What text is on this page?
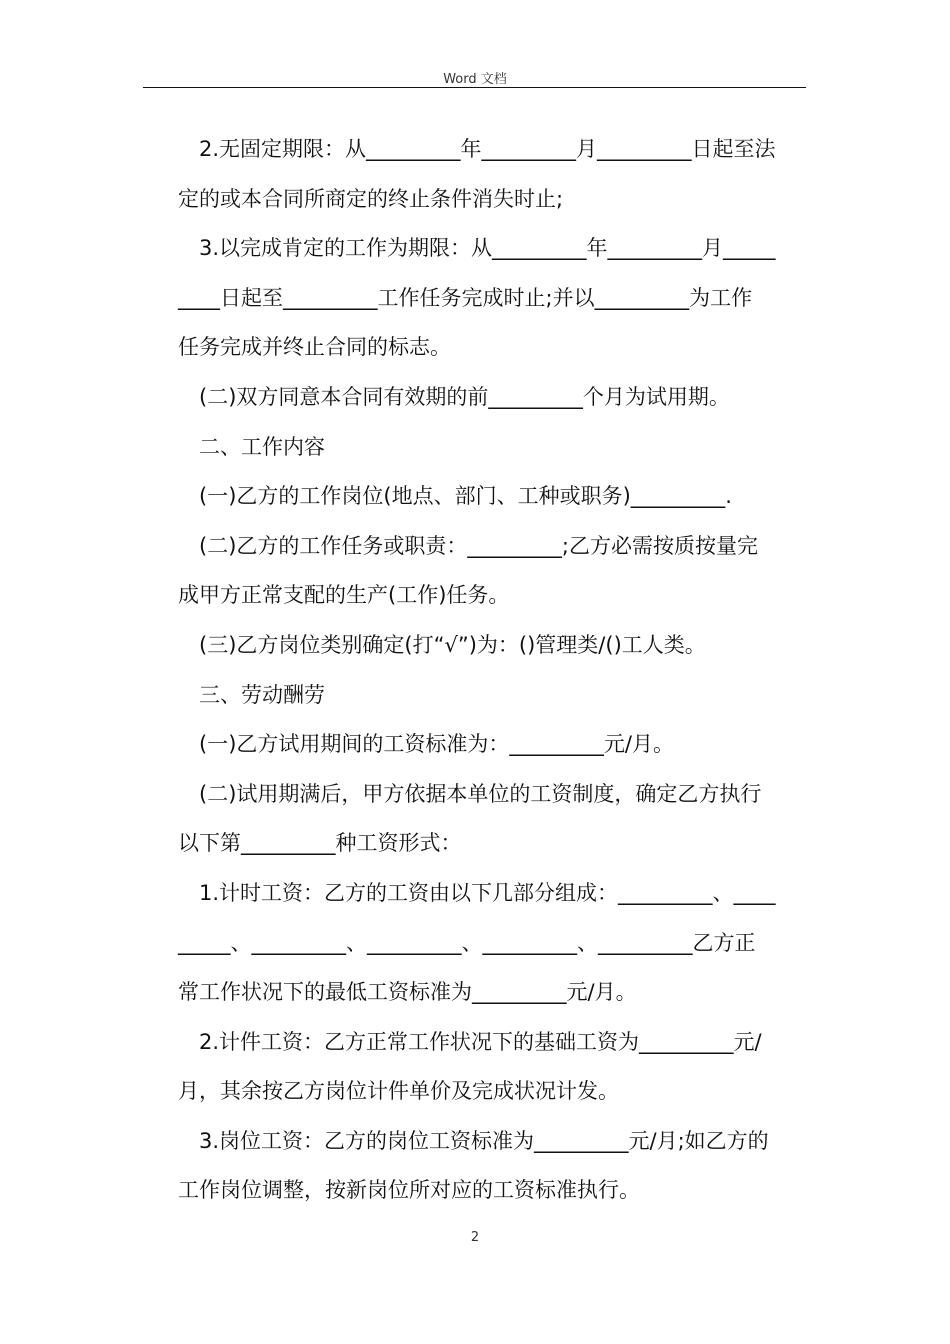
Word 文档
2.无固定期限：从_________年_________月_________日起至法
定的或本合同所商定的终止条件消失时止;
3.以完成肯定的工作为期限：从_________年_________月_____
____日起至_________工作任务完成时止;并以_________为工作
任务完成并终止合同的标志。
(二)双方同意本合同有效期的前_________个月为试用期。
二、工作内容
(一)乙方的工作岗位(地点、部门、工种或职务)_________.
(二)乙方的工作任务或职责：_________;乙方必需按质按量完
成甲方正常支配的生产(工作)任务。
(三)乙方岗位类别确定(打“√”)为：()管理类/()工人类。
三、劳动酬劳
(一)乙方试用期间的工资标准为：_________元/月。
(二)试用期满后，甲方依据本单位的工资制度，确定乙方执行
以下第_________种工资形式：
1.计时工资：乙方的工资由以下几部分组成：_________、____
_____、_________、_________、_________、_________乙方正
常工作状况下的最低工资标准为_________元/月。
2.计件工资：乙方正常工作状况下的基础工资为_________元/
月，其余按乙方岗位计件单价及完成状况计发。
3.岗位工资：乙方的岗位工资标准为_________元/月;如乙方的
工作岗位调整，按新岗位所对应的工资标准执行。
2
